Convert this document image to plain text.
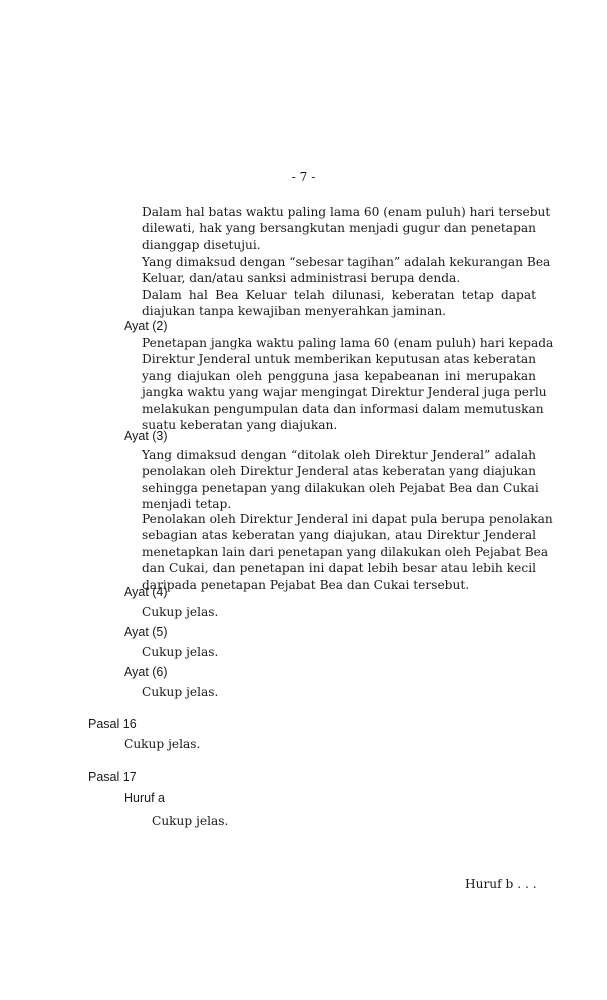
- 7 -
Dalam hal batas waktu paling lama 60 (enam puluh) hari tersebut
dilewati, hak yang bersangkutan menjadi gugur dan penetapan
dianggap disetujui.
Yang dimaksud dengan “sebesar tagihan” adalah kekurangan Bea
Keluar, dan/atau sanksi administrasi berupa denda.
Dalam hal Bea Keluar telah dilunasi, keberatan tetap dapat
diajukan tanpa kewajiban menyerahkan jaminan.
Ayat (2)
Penetapan jangka waktu paling lama 60 (enam puluh) hari kepada
Direktur Jenderal untuk memberikan keputusan atas keberatan
yang diajukan oleh pengguna jasa kepabeanan ini merupakan
jangka waktu yang wajar mengingat Direktur Jenderal juga perlu
melakukan pengumpulan data dan informasi dalam memutuskan
suatu keberatan yang diajukan.
Ayat (3)
Yang dimaksud dengan “ditolak oleh Direktur Jenderal” adalah
penolakan oleh Direktur Jenderal atas keberatan yang diajukan
sehingga penetapan yang dilakukan oleh Pejabat Bea dan Cukai
menjadi tetap.
Penolakan oleh Direktur Jenderal ini dapat pula berupa penolakan
sebagian atas keberatan yang diajukan, atau Direktur Jenderal
menetapkan lain dari penetapan yang dilakukan oleh Pejabat Bea
dan Cukai, dan penetapan ini dapat lebih besar atau lebih kecil
daripada penetapan Pejabat Bea dan Cukai tersebut.
Ayat (4)
Cukup jelas.
Ayat (5)
Cukup jelas.
Ayat (6)
Cukup jelas.
Pasal 16
Cukup jelas.
Pasal 17
Huruf a
Cukup jelas.
Huruf b . . .
